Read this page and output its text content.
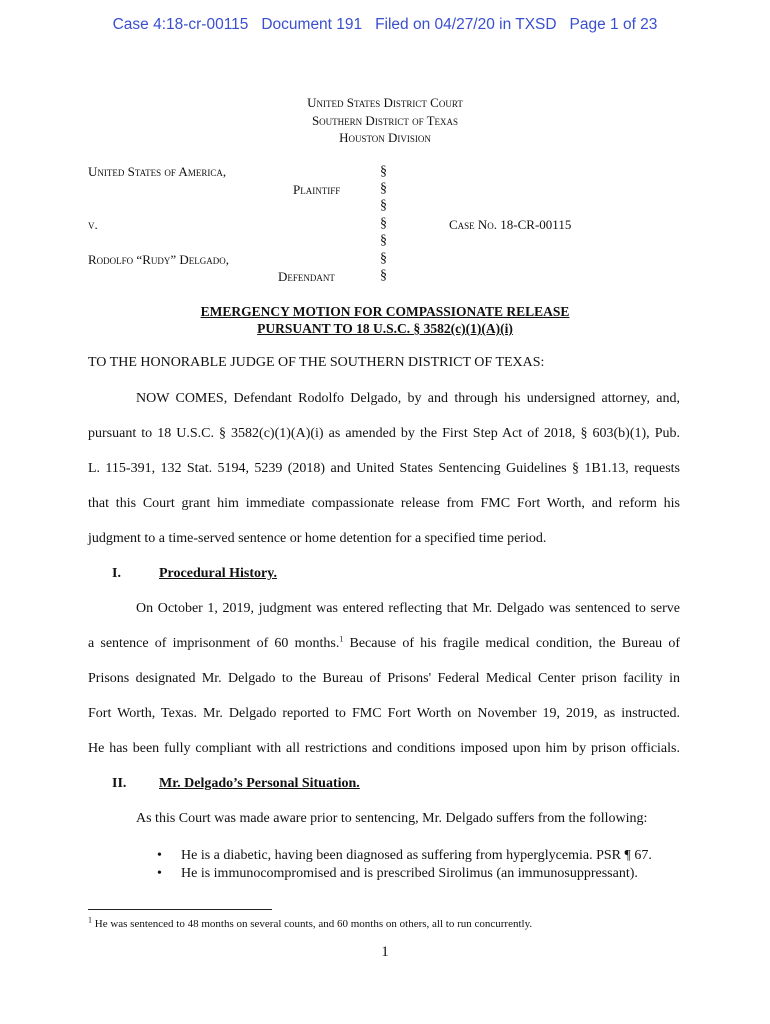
Case 4:18-cr-00115   Document 191   Filed on 04/27/20 in TXSD   Page 1 of 23
United States District Court
Southern District of Texas
Houston Division
United States of America,
Plaintiff
v.
Rodolfo “Rudy” Delgado,
Defendant
Case No. 18-CR-00115
§
§
§
§
§
§
§
EMERGENCY MOTION FOR COMPASSIONATE RELEASE
PURSUANT TO 18 U.S.C. § 3582(c)(1)(A)(i)
TO THE HONORABLE JUDGE OF THE SOUTHERN DISTRICT OF TEXAS:
NOW COMES, Defendant Rodolfo Delgado, by and through his undersigned attorney, and,
pursuant to 18 U.S.C. § 3582(c)(1)(A)(i) as amended by the First Step Act of 2018, § 603(b)(1), Pub.
L. 115-391, 132 Stat. 5194, 5239 (2018) and United States Sentencing Guidelines § 1B1.13, requests
that this Court grant him immediate compassionate release from FMC Fort Worth, and reform his
judgment to a time-served sentence or home detention for a specified time period.
I.	Procedural History.
On October 1, 2019, judgment was entered reflecting that Mr. Delgado was sentenced to serve
a sentence of imprisonment of 60 months.$^1$ Because of his fragile medical condition, the Bureau of
Prisons designated Mr. Delgado to the Bureau of Prisons' Federal Medical Center prison facility in
Fort Worth, Texas. Mr. Delgado reported to FMC Fort Worth on November 19, 2019, as instructed.
He has been fully compliant with all restrictions and conditions imposed upon him by prison officials.
II. Mr. Delgado’s Personal Situation.
As this Court was made aware prior to sentencing, Mr. Delgado suffers from the following:
• He is a diabetic, having been diagnosed as suffering from hyperglycemia. PSR ¶ 67.
• He is immunocompromised and is prescribed Sirolimus (an immunosuppressant).
$^1$ He was sentenced to 48 months on several counts, and 60 months on others, all to run concurrently.
1
